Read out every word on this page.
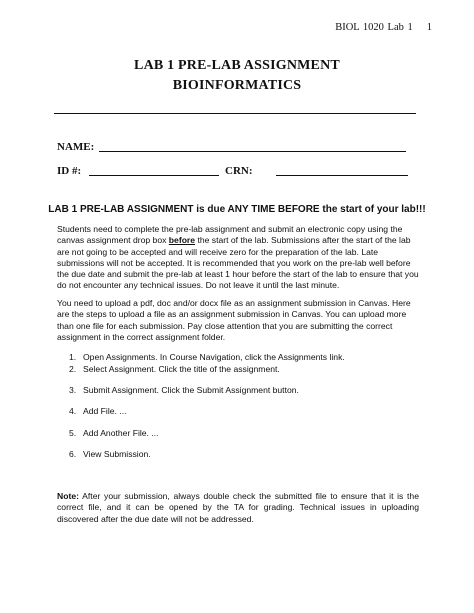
BIOL 1020 Lab 1 1
LAB 1 PRE-LAB ASSIGNMENT
BIOINFORMATICS
NAME:
ID #:	CRN:
LAB 1 PRE-LAB ASSIGNMENT is due ANY TIME BEFORE the start of your lab!!!
Students need to complete the pre-lab assignment and submit an electronic copy using the canvas assignment drop box before the start of the lab. Submissions after the start of the lab are not going to be accepted and will receive zero for the preparation of the lab. Late submissions will not be accepted. It is recommended that you work on the pre-lab well before the due date and submit the pre-lab at least 1 hour before the start of the lab to ensure that you do not encounter any technical issues. Do not leave it until the last minute.
You need to upload a pdf, doc and/or docx file as an assignment submission in Canvas. Here are the steps to upload a file as an assignment submission in Canvas. You can upload more than one file for each submission. Pay close attention that you are submitting the correct assignment in the correct assignment folder.
1. Open Assignments. In Course Navigation, click the Assignments link.
2. Select Assignment. Click the title of the assignment.
3. Submit Assignment. Click the Submit Assignment button.
4. Add File. ...
5. Add Another File. ...
6. View Submission.
Note: After your submission, always double check the submitted file to ensure that it is the correct file, and it can be opened by the TA for grading. Technical issues in uploading discovered after the due date will not be addressed.
